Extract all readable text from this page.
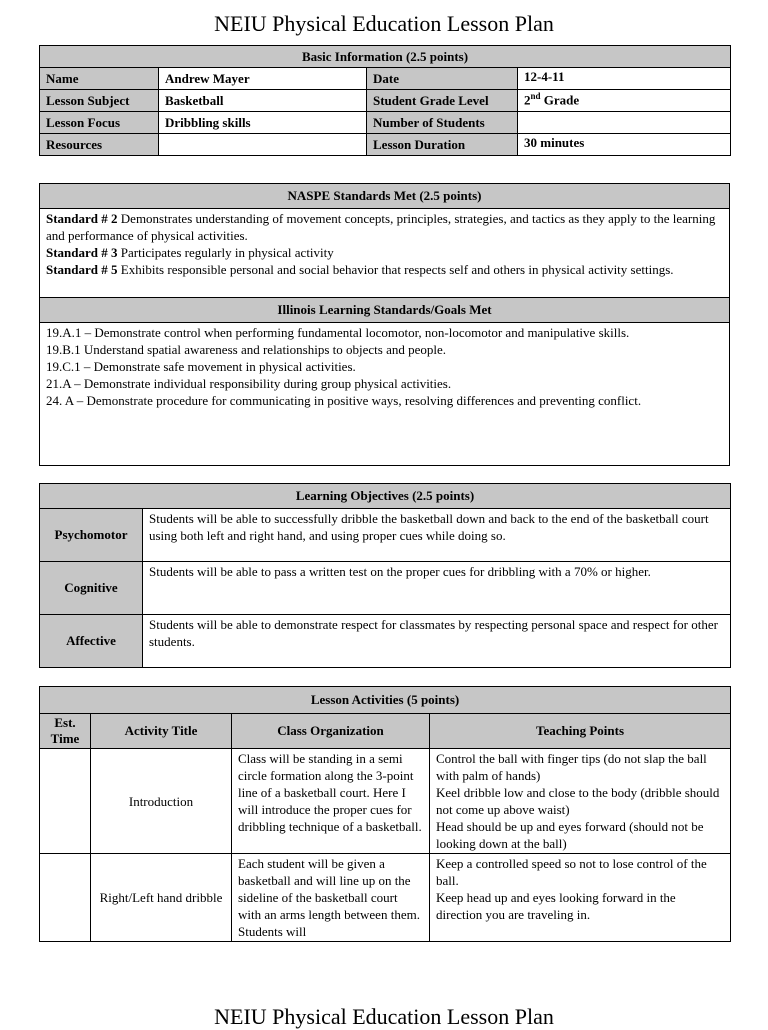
NEIU Physical Education Lesson Plan
Basic Information (2.5 points)			
Name	Andrew Mayer	Date	12-4-11
Lesson Subject	Basketball	Student Grade Level	2nd Grade
Lesson Focus	Dribbling skills	Number of Students	
Resources		Lesson Duration	30 minutes
NASPE Standards Met (2.5 points)

Standard # 2 Demonstrates understanding of movement concepts, principles, strategies, and tactics as they apply to the learning and performance of physical activities.
Standard # 3 Participates regularly in physical activity
Standard # 5 Exhibits responsible personal and social behavior that respects self and others in physical activity settings.

Illinois Learning Standards/Goals Met

19.A.1 – Demonstrate control when performing fundamental locomotor, non-locomotor and manipulative skills.
19.B.1 Understand spatial awareness and relationships to objects and people.
19.C.1 – Demonstrate safe movement in physical activities.
21.A – Demonstrate individual responsibility during group physical activities.
24. A – Demonstrate procedure for communicating in positive ways, resolving differences and preventing conflict.
Learning Objectives (2.5 points)	
Psychomotor	Students will be able to successfully dribble the basketball down and back to the end of the basketball court using both left and right hand, and using proper cues while doing so.
Cognitive	Students will be able to pass a written test on the proper cues for dribbling with a 70% or higher.
Affective	Students will be able to demonstrate respect for classmates by respecting personal space and respect for other students.
Lesson Activities (5 points)			
Est. Time	Activity Title	Class Organization	Teaching Points
	Introduction	Class will be standing in a semi circle formation along the 3-point line of a basketball court. Here I will introduce the proper cues for dribbling technique of a basketball.	Control the ball with finger tips (do not slap the ball with palm of hands)
Keel dribble low and close to the body (dribble should not come up above waist)
Head should be up and eyes forward (should not be looking down at the ball)

	Right/Left hand dribble	Each student will be given a basketball and will line up on the sideline of the basketball court with an arms length between them. Students will	Keep a controlled speed so not to lose control of the ball.
Keep head up and eyes looking forward in the direction you are traveling in.
NEIU Physical Education Lesson Plan
